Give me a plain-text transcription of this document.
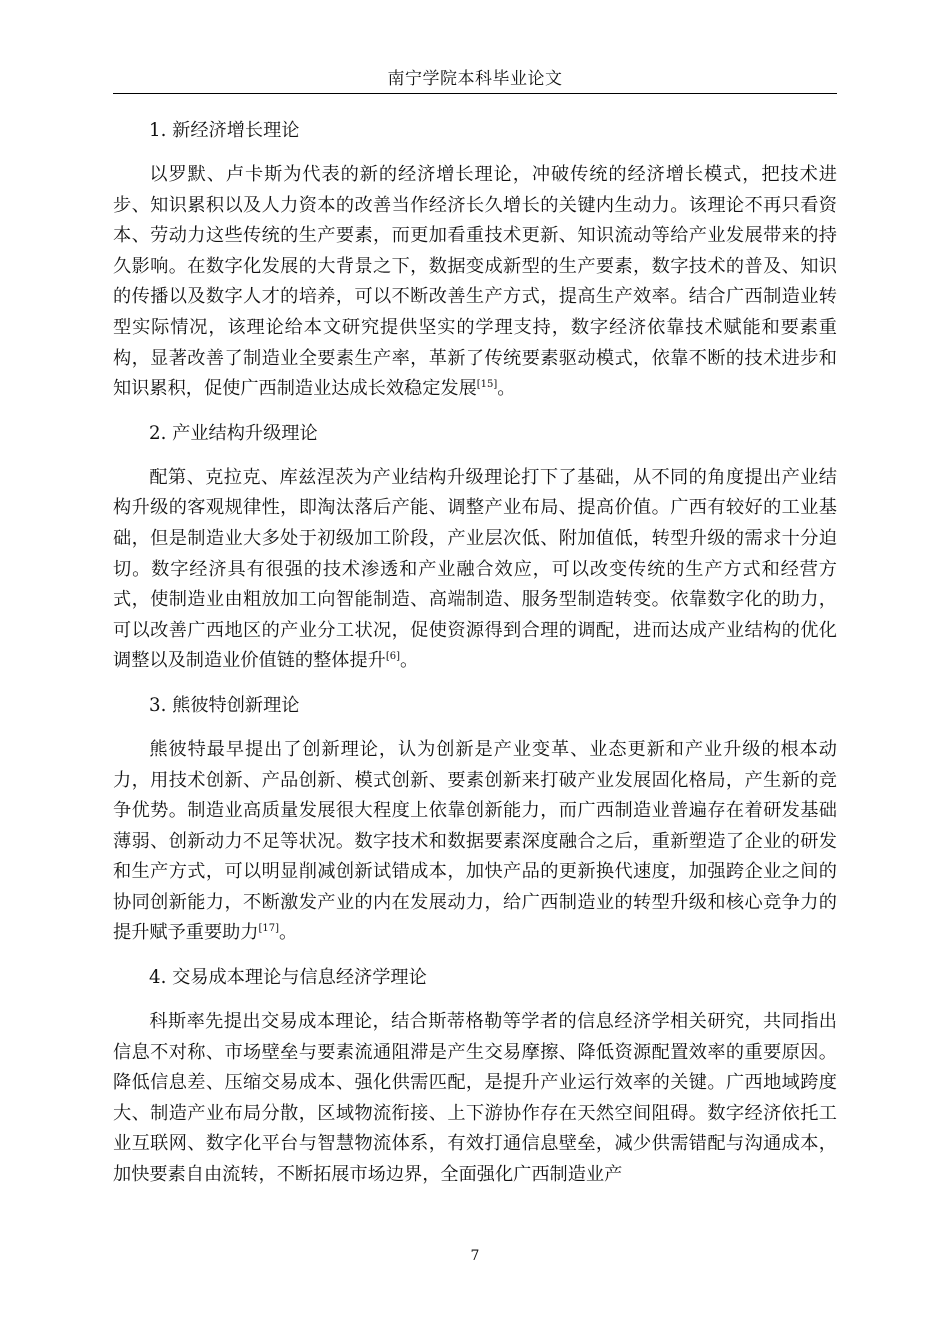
南宁学院本科毕业论文

1. 新经济增长理论

以罗默、卢卡斯为代表的新的经济增长理论，冲破传统的经济增长模式，把技术进步、知识累积以及人力资本的改善当作经济长久增长的关键内生动力。该理论不再只看资本、劳动力这些传统的生产要素，而更加看重技术更新、知识流动等给产业发展带来的持久影响。在数字化发展的大背景之下，数据变成新型的生产要素，数字技术的普及、知识的传播以及数字人才的培养，可以不断改善生产方式，提高生产效率。结合广西制造业转型实际情况，该理论给本文研究提供坚实的学理支持，数字经济依靠技术赋能和要素重构，显著改善了制造业全要素生产率，革新了传统要素驱动模式，依靠不断的技术进步和知识累积，促使广西制造业达成长效稳定发展[15]。

2. 产业结构升级理论

配第、克拉克、库兹涅茨为产业结构升级理论打下了基础，从不同的角度提出产业结构升级的客观规律性，即淘汰落后产能、调整产业布局、提高价值。广西有较好的工业基础，但是制造业大多处于初级加工阶段，产业层次低、附加值低，转型升级的需求十分迫切。数字经济具有很强的技术渗透和产业融合效应，可以改变传统的生产方式和经营方式，使制造业由粗放加工向智能制造、高端制造、服务型制造转变。依靠数字化的助力，可以改善广西地区的产业分工状况，促使资源得到合理的调配，进而达成产业结构的优化调整以及制造业价值链的整体提升[6]。

3. 熊彼特创新理论

熊彼特最早提出了创新理论，认为创新是产业变革、业态更新和产业升级的根本动力，用技术创新、产品创新、模式创新、要素创新来打破产业发展固化格局，产生新的竞争优势。制造业高质量发展很大程度上依靠创新能力，而广西制造业普遍存在着研发基础薄弱、创新动力不足等状况。数字技术和数据要素深度融合之后，重新塑造了企业的研发和生产方式，可以明显削减创新试错成本，加快产品的更新换代速度，加强跨企业之间的协同创新能力，不断激发产业的内在发展动力，给广西制造业的转型升级和核心竞争力的提升赋予重要助力[17]。

4. 交易成本理论与信息经济学理论

科斯率先提出交易成本理论，结合斯蒂格勒等学者的信息经济学相关研究，共同指出信息不对称、市场壁垒与要素流通阻滞是产生交易摩擦、降低资源配置效率的重要原因。降低信息差、压缩交易成本、强化供需匹配，是提升产业运行效率的关键。广西地域跨度大、制造产业布局分散，区域物流衔接、上下游协作存在天然空间阻碍。数字经济依托工业互联网、数字化平台与智慧物流体系，有效打通信息壁垒，减少供需错配与沟通成本，加快要素自由流转，不断拓展市场边界，全面强化广西制造业产

7
